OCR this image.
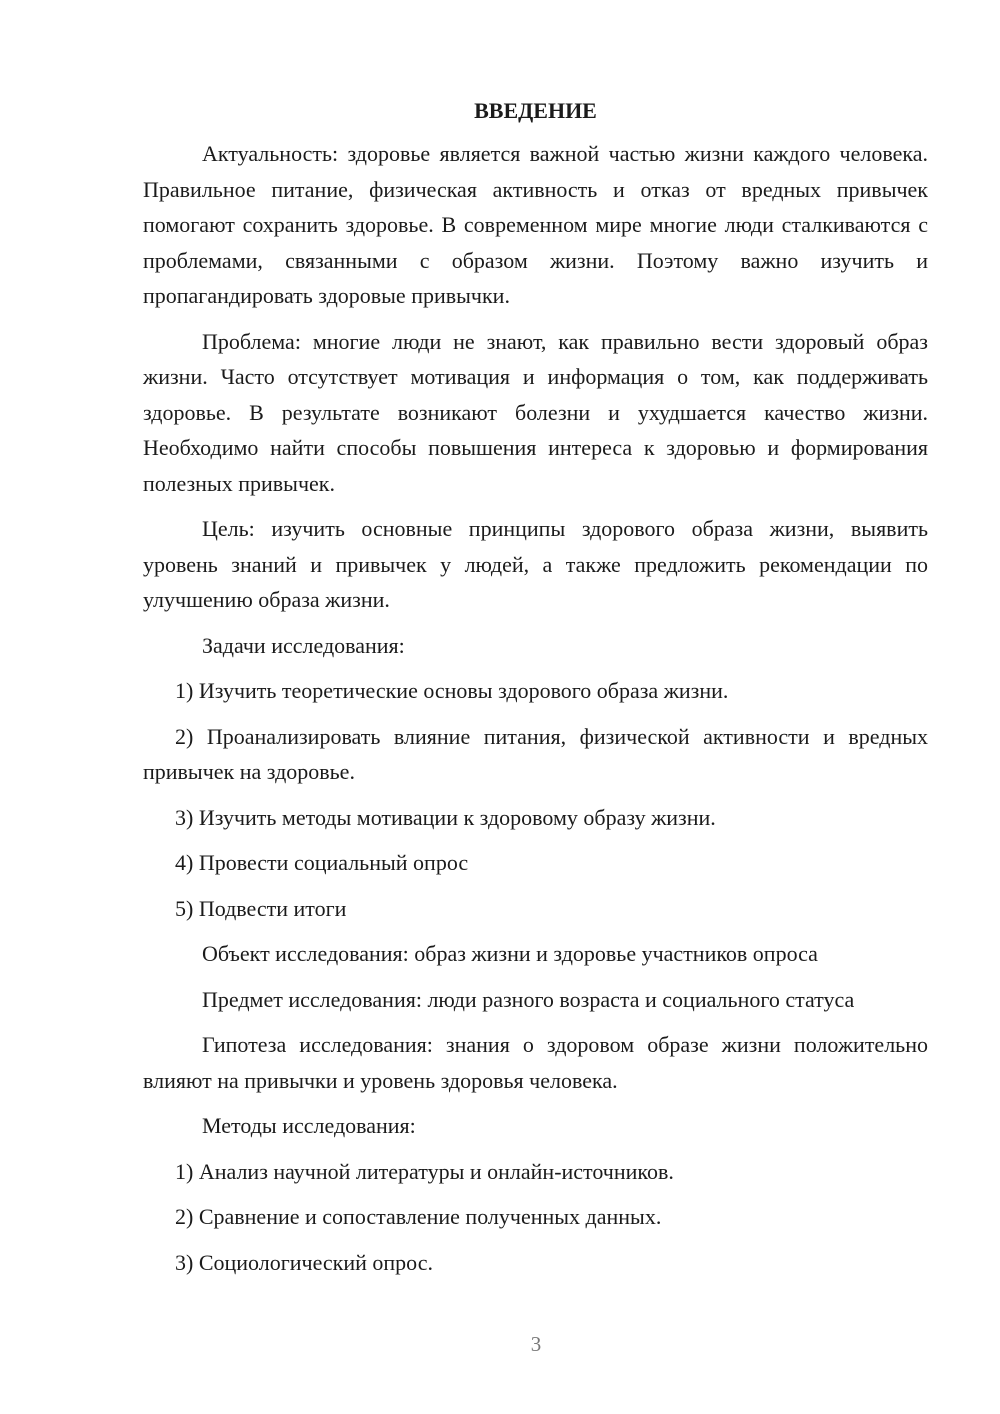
ВВЕДЕНИЕ

Актуальность: здоровье является важной частью жизни каждого человека. Правильное питание, физическая активность и отказ от вредных привычек помогают сохранить здоровье. В современном мире многие люди сталкиваются с проблемами, связанными с образом жизни. Поэтому важно изучить и пропагандировать здоровые привычки.

Проблема: многие люди не знают, как правильно вести здоровый образ жизни. Часто отсутствует мотивация и информация о том, как поддерживать здоровье. В результате возникают болезни и ухудшается качество жизни. Необходимо найти способы повышения интереса к здоровью и формирования полезных привычек.

Цель: изучить основные принципы здорового образа жизни, выявить уровень знаний и привычек у людей, а также предложить рекомендации по улучшению образа жизни.

Задачи исследования:

1) Изучить теоретические основы здорового образа жизни.

2) Проанализировать влияние питания, физической активности и вредных привычек на здоровье.

3) Изучить методы мотивации к здоровому образу жизни.

4) Провести социальный опрос

5) Подвести итоги

Объект исследования: образ жизни и здоровье участников опроса

Предмет исследования: люди разного возраста и социального статуса

Гипотеза исследования: знания о здоровом образе жизни положительно влияют на привычки и уровень здоровья человека.

Методы исследования:

1) Анализ научной литературы и онлайн-источников.

2) Сравнение и сопоставление полученных данных.

3) Социологический опрос.

3
